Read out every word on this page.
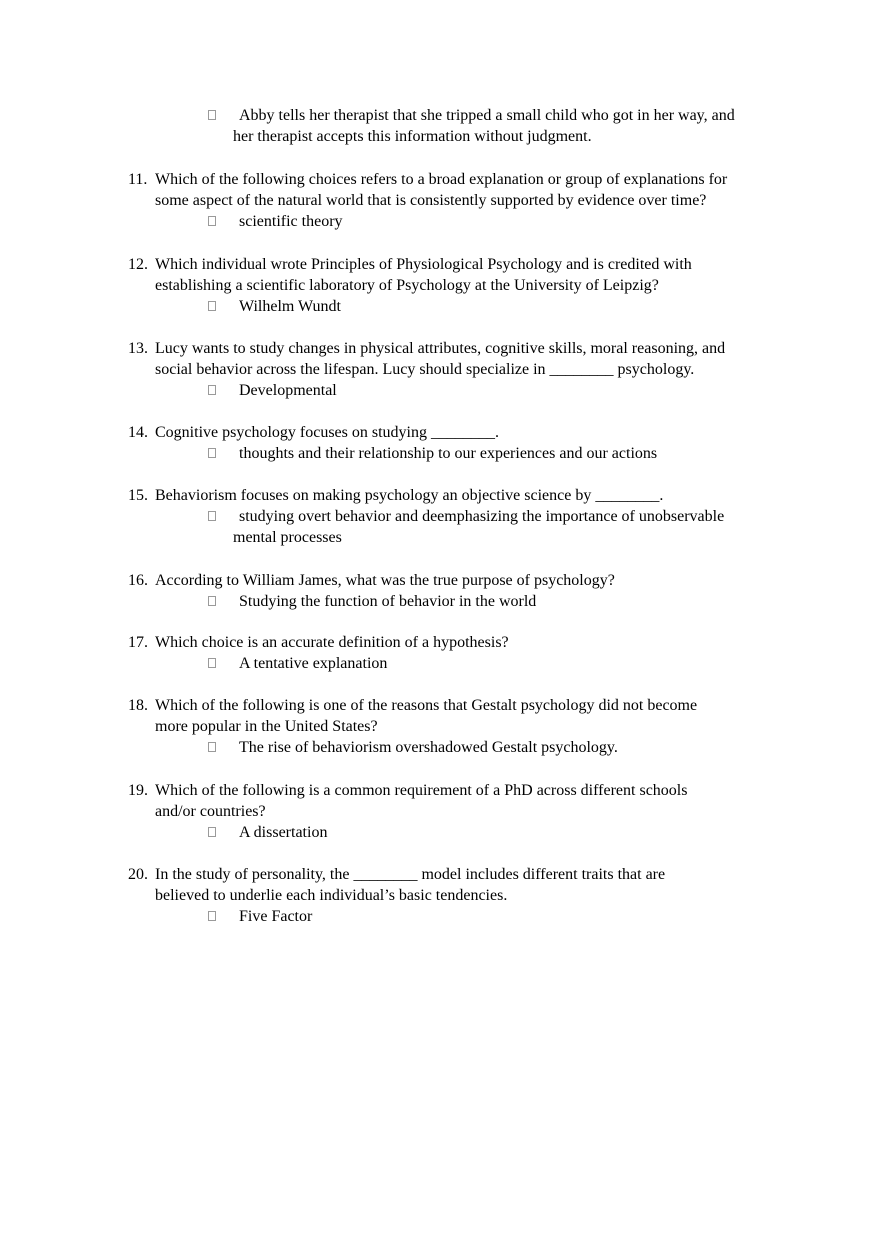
Abby tells her therapist that she tripped a small child who got in her way, and
her therapist accepts this information without judgment.
11. Which of the following choices refers to a broad explanation or group of explanations for
some aspect of the natural world that is consistently supported by evidence over time?
scientific theory
12. Which individual wrote Principles of Physiological Psychology and is credited with
establishing a scientific laboratory of Psychology at the University of Leipzig?
Wilhelm Wundt
13. Lucy wants to study changes in physical attributes, cognitive skills, moral reasoning, and
social behavior across the lifespan. Lucy should specialize in ________ psychology.
Developmental
14. Cognitive psychology focuses on studying ________.
thoughts and their relationship to our experiences and our actions
15. Behaviorism focuses on making psychology an objective science by ________.
studying overt behavior and deemphasizing the importance of unobservable
mental processes
16. According to William James, what was the true purpose of psychology?
Studying the function of behavior in the world
17. Which choice is an accurate definition of a hypothesis?
A tentative explanation
18. Which of the following is one of the reasons that Gestalt psychology did not become
more popular in the United States?
The rise of behaviorism overshadowed Gestalt psychology.
19. Which of the following is a common requirement of a PhD across different schools
and/or countries?
A dissertation
20. In the study of personality, the ________ model includes different traits that are
believed to underlie each individual’s basic tendencies.
Five Factor
